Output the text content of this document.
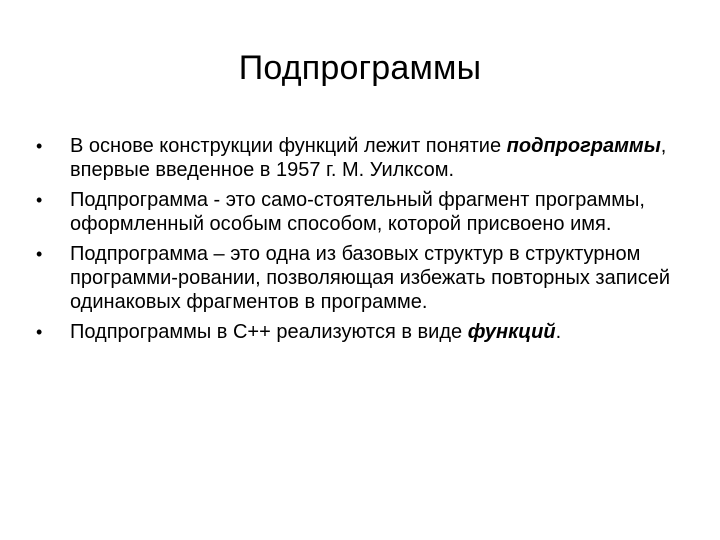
Подпрограммы
•	В основе конструкции функций лежит понятие подпрограммы, впервые введенное в 1957 г. М. Уилксом.
•	Подпрограмма - это само-стоятельный фрагмент программы, оформленный особым способом, которой присвоено имя.
•	Подпрограмма – это одна из базовых структур в структурном программи-ровании, позволяющая избежать повторных записей одинаковых фрагментов в программе.
•	Подпрограммы в С++ реализуются в виде функций.
